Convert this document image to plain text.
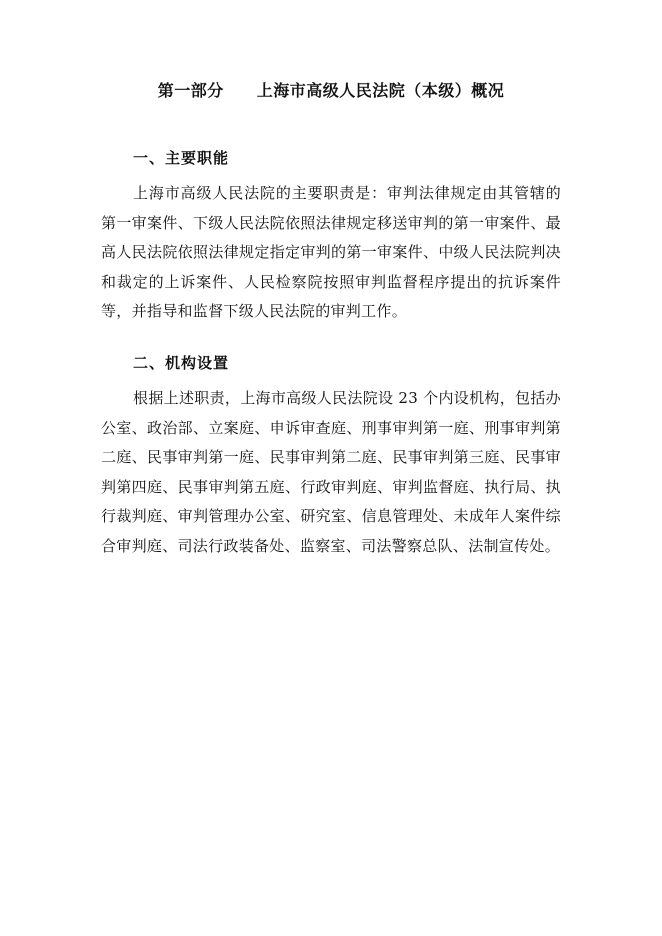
第一部分　　上海市高级人民法院（本级）概况
一、主要职能
上海市高级人民法院的主要职责是：审判法律规定由其管辖的第一审案件、下级人民法院依照法律规定移送审判的第一审案件、最高人民法院依照法律规定指定审判的第一审案件、中级人民法院判决和裁定的上诉案件、人民检察院按照审判监督程序提出的抗诉案件等，并指导和监督下级人民法院的审判工作。
二、机构设置
根据上述职责，上海市高级人民法院设 23 个内设机构，包括办公室、政治部、立案庭、申诉审查庭、刑事审判第一庭、刑事审判第二庭、民事审判第一庭、民事审判第二庭、民事审判第三庭、民事审判第四庭、民事审判第五庭、行政审判庭、审判监督庭、执行局、执行裁判庭、审判管理办公室、研究室、信息管理处、未成年人案件综合审判庭、司法行政装备处、监察室、司法警察总队、法制宣传处。
